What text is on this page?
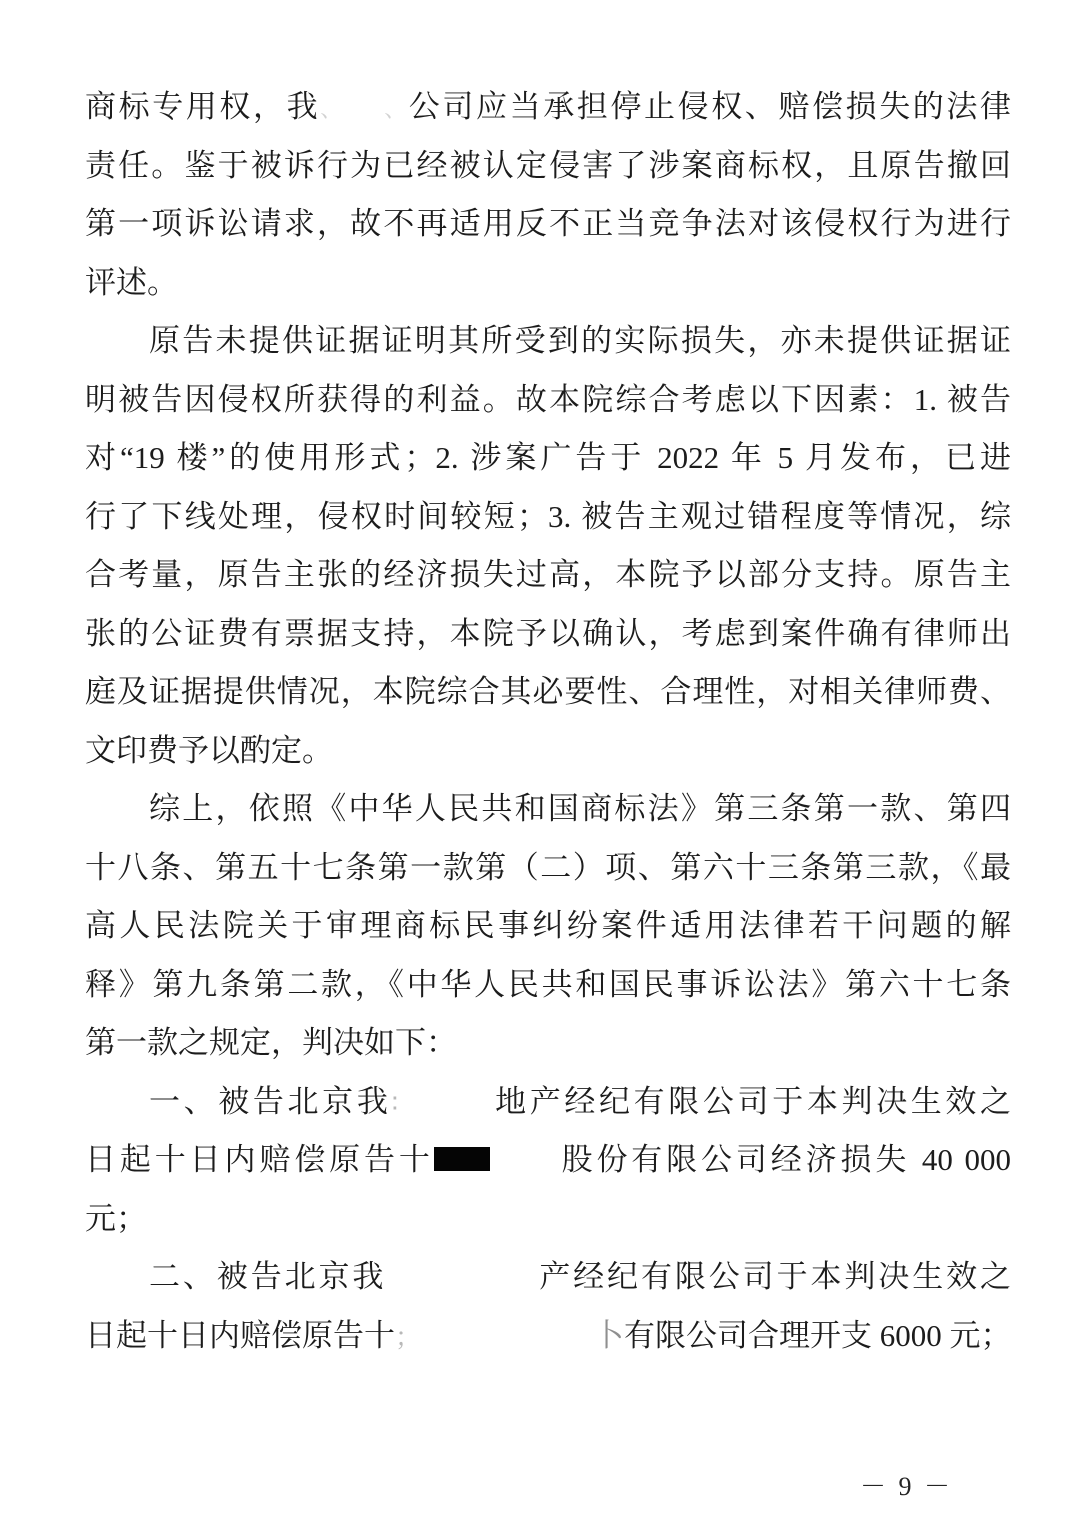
商标专用权，我、、公司应当承担停止侵权、赔偿损失的法律
责任。鉴于被诉行为已经被认定侵害了涉案商标权，且原告撤回
第一项诉讼请求，故不再适用反不正当竞争法对该侵权行为进行
评述。
原告未提供证据证明其所受到的实际损失，亦未提供证据证
明被告因侵权所获得的利益。故本院综合考虑以下因素：1. 被告
对“19 楼”的使用形式；2. 涉案广告于 2022 年 5 月发布，已进
行了下线处理，侵权时间较短；3. 被告主观过错程度等情况，综
合考量，原告主张的经济损失过高，本院予以部分支持。原告主
张的公证费有票据支持，本院予以确认，考虑到案件确有律师出
庭及证据提供情况，本院综合其必要性、合理性，对相关律师费、
文印费予以酌定。
综上，依照《中华人民共和国商标法》第三条第一款、第四
十八条、第五十七条第一款第（二）项、第六十三条第三款，《最
高人民法院关于审理商标民事纠纷案件适用法律若干问题的解
释》第九条第二款，《中华人民共和国民事诉讼法》第六十七条
第一款之规定，判决如下：
一、被告北京我∶	地产经纪有限公司于本判决生效之
日起十日内赔偿原告十	股份有限公司经济损失 40 000
元；
二、被告北京我	产经纪有限公司于本判决生效之
日起十日内赔偿原告十；	卜有限公司合理开支 6000 元；
－ 9 －
